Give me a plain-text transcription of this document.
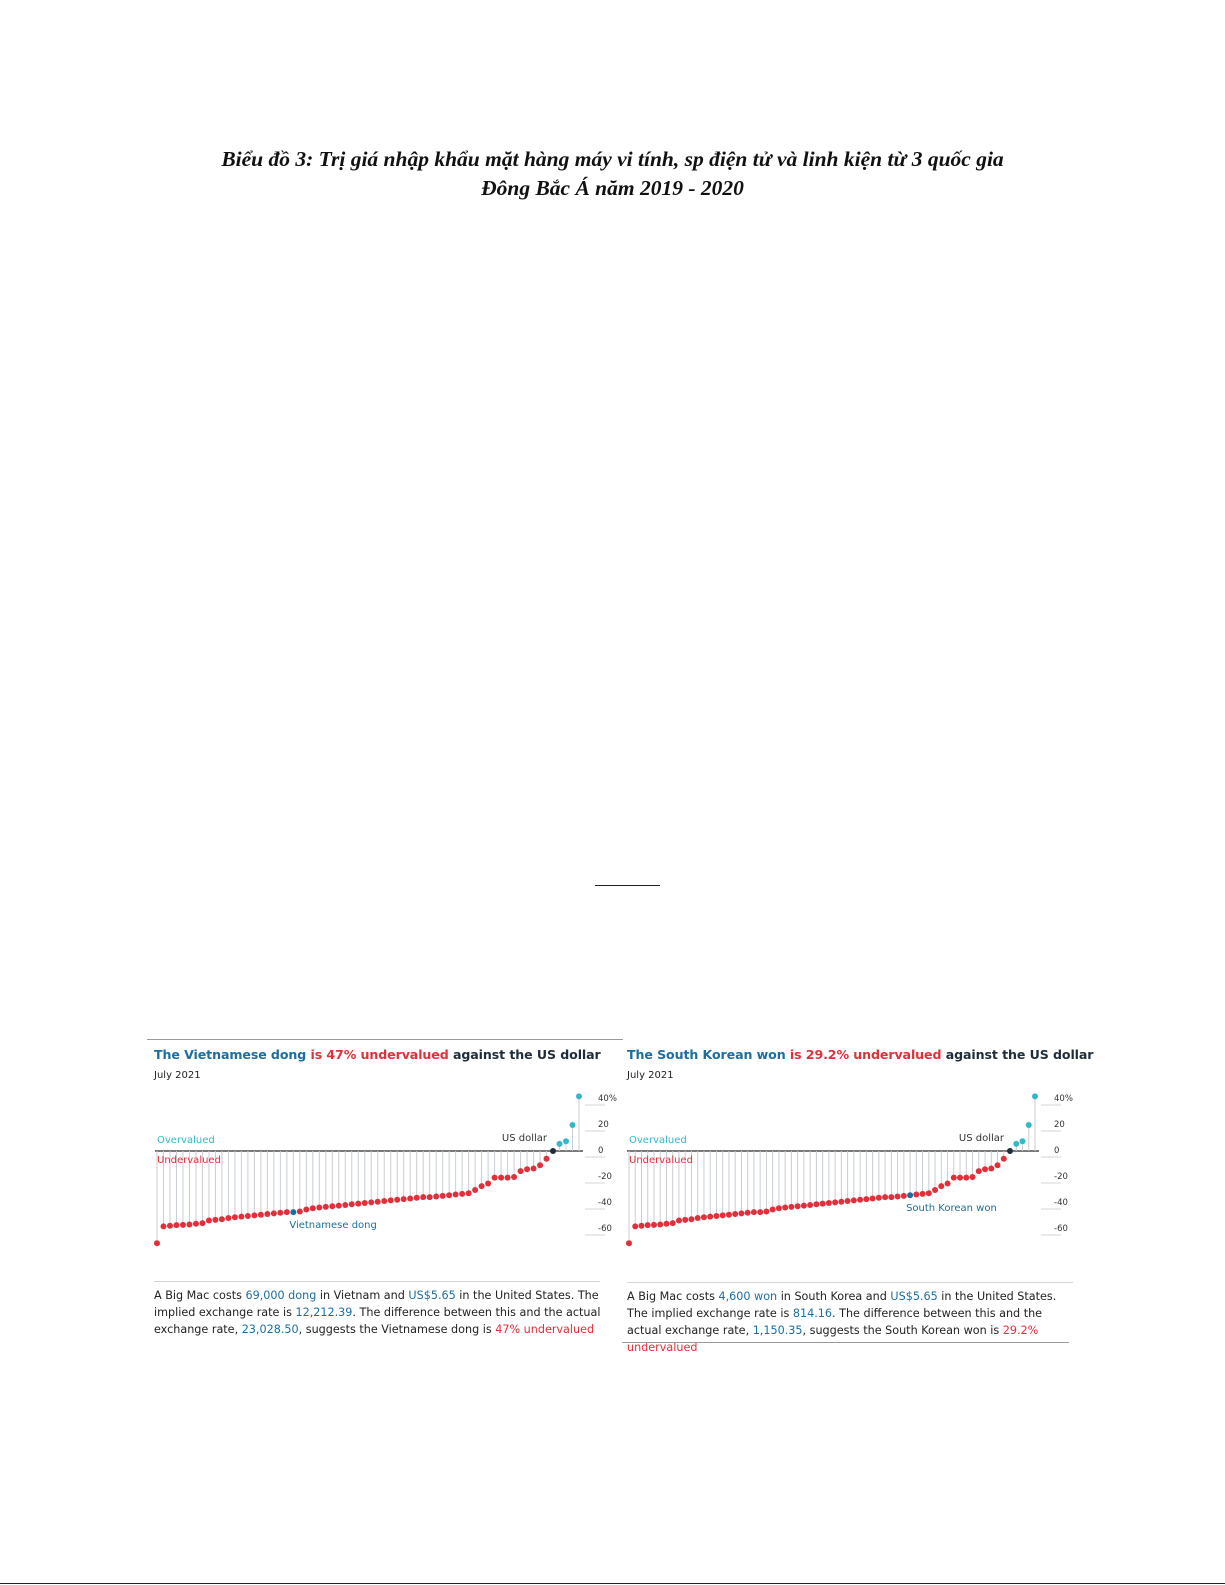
Biểu đồ 3: Trị giá nhập khẩu mặt hàng máy vi tính, sp điện tử và linh kiện từ 3 quốc gia
Đông Bắc Á năm 2019 - 2020
The Vietnamese dong is 47% undervalued against the US dollar
July 2021
40%
20
0
-20
-40
-60
Overvalued
Undervalued
US dollar
Vietnamese dong
A Big Mac costs 69,000 dong in Vietnam and US$5.65 in the United States. The implied exchange rate is 12,212.39. The difference between this and the actual exchange rate, 23,028.50, suggests the Vietnamese dong is 47% undervalued
The South Korean won is 29.2% undervalued against the US dollar
July 2021
40%
20
0
-20
-40
-60
Overvalued
Undervalued
US dollar
South Korean won
A Big Mac costs 4,600 won in South Korea and US$5.65 in the United States. The implied exchange rate is 814.16. The difference between this and the actual exchange rate, 1,150.35, suggests the South Korean won is 29.2% undervalued
